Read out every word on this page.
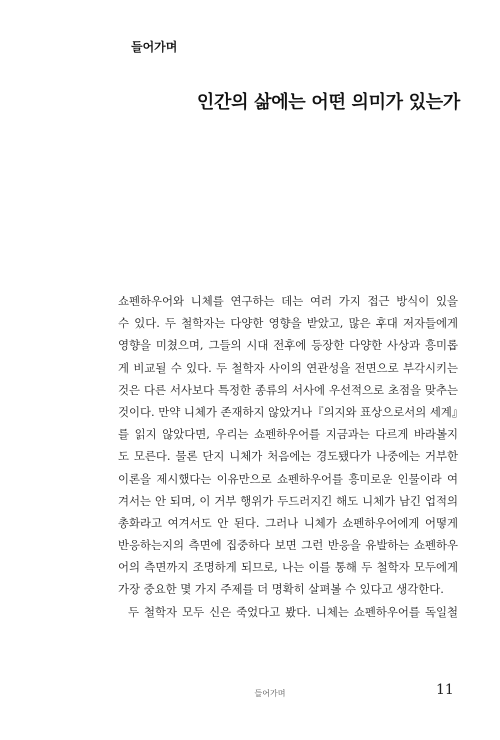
들어가며
인간의 삶에는 어떤 의미가 있는가
쇼펜하우어와 니체를 연구하는 데는 여러 가지 접근 방식이 있을
수 있다. 두 철학자는 다양한 영향을 받았고, 많은 후대 저자들에게
영향을 미쳤으며, 그들의 시대 전후에 등장한 다양한 사상과 흥미롭
게 비교될 수 있다. 두 철학자 사이의 연관성을 전면으로 부각시키는
것은 다른 서사보다 특정한 종류의 서사에 우선적으로 초점을 맞추는
것이다. 만약 니체가 존재하지 않았거나『의지와 표상으로서의 세계』
를 읽지 않았다면, 우리는 쇼펜하우어를 지금과는 다르게 바라볼지
도 모른다. 물론 단지 니체가 처음에는 경도됐다가 나중에는 거부한
이론을 제시했다는 이유만으로 쇼펜하우어를 흥미로운 인물이라 여
겨서는 안 되며, 이 거부 행위가 두드러지긴 해도 니체가 남긴 업적의
총화라고 여겨서도 안 된다. 그러나 니체가 쇼펜하우어에게 어떻게
반응하는지의 측면에 집중하다 보면 그런 반응을 유발하는 쇼펜하우
어의 측면까지 조명하게 되므로, 나는 이를 통해 두 철학자 모두에게
가장 중요한 몇 가지 주제를 더 명확히 살펴볼 수 있다고 생각한다.
두 철학자 모두 신은 죽었다고 봤다. 니체는 쇼펜하우어를 독일철
들어가며	11
